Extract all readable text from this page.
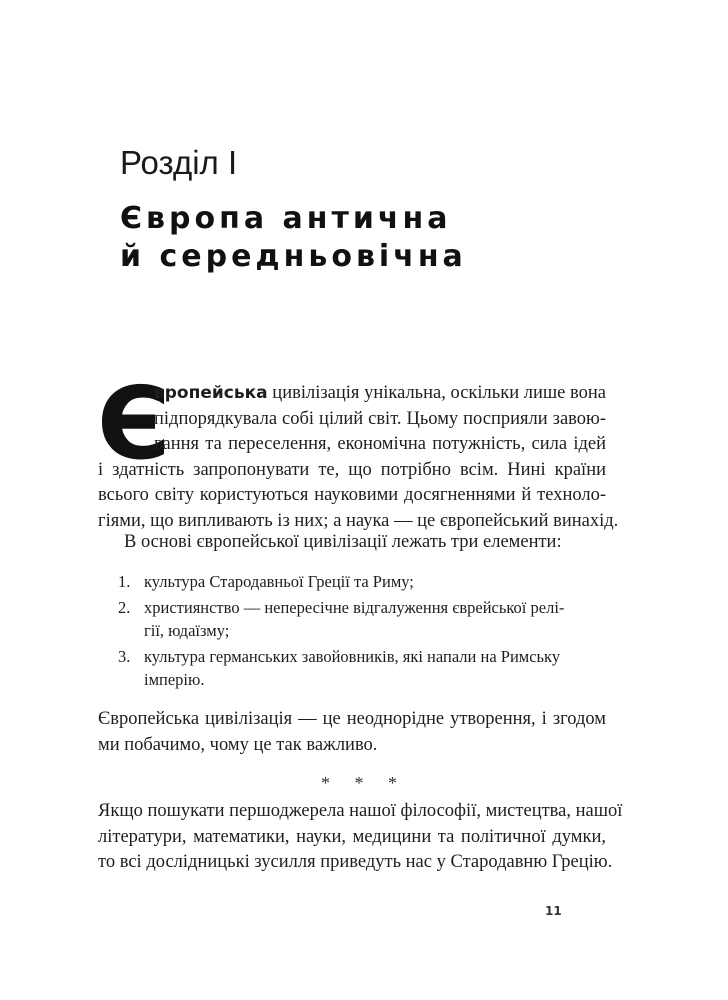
Розділ I
Європа антична
й середньовічна
Є
вропейська цивілізація унікальна, оскільки лише вона
підпорядкувала собі цілий світ. Цьому посприяли завою-
вання та переселення, економічна потужність, сила ідей
і здатність запропонувати те, що потрібно всім. Нині країни
всього світу користуються науковими досягненнями й техноло-
гіями, що випливають із них; а наука — це європейський винахід.
В основі європейської цивілізації лежать три елементи:
1. культура Стародавньої Греції та Риму;
2. християнство — непересічне відгалуження єврейської релі-
гії, юдаїзму;
3. культура германських завойовників, які напали на Римську
імперію.
Європейська цивілізація — це неоднорідне утворення, і згодом
ми побачимо, чому це так важливо.
* * *
Якщо пошукати першоджерела нашої філософії, мистецтва, нашої
літератури, математики, науки, медицини та політичної думки,
то всі дослідницькі зусилля приведуть нас у Стародавню Грецію.
11
